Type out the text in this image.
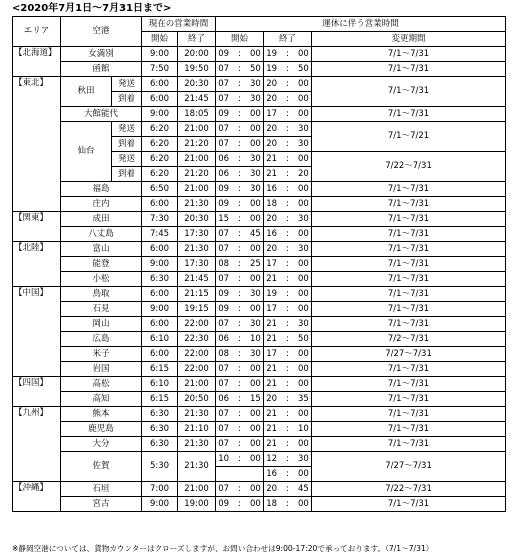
<2020年7月1日～7月31日まで>
エリア	空港		現在の営業時間		運休に伴う営業時間			
			開始	終了	開始	終了	変更期間	
【北海道】	女満別		9:00	20:00	09 : 00	19 : 00	7/1～7/31	
	函館		7:50	19:50	07 : 50	19 : 50	7/1～7/31	
【東北】	秋田	発送	6:00	20:30	07 : 30	20 : 00	7/1～7/31	
		到着	6:00	21:45	07 : 30	20 : 00		
	大館能代		9:00	18:05	09 : 00	17 : 00	7/1～7/31	
	仙台	発送	6:20	21:00	07 : 00	20 : 30	7/1～7/21	
		到着	6:20	21:20	07 : 00	20 : 30		
		発送	6:20	21:00	06 : 30	21 : 00	7/22～7/31	
		到着	6:20	21:20	06 : 30	21 : 20		
	福島		6:50	21:00	09 : 30	16 : 00	7/1～7/31	
	庄内		6:00	21:30	09 : 00	18 : 00	7/1～7/31	
【関東】	成田		7:30	20:30	15 : 00	20 : 30	7/1～7/31	
	八丈島		7:45	17:30	07 : 45	16 : 00	7/1～7/31	
【北陸】	富山		6:00	21:30	07 : 00	20 : 30	7/1～7/31	
	能登		9:00	17:30	08 : 25	17 : 00	7/1～7/31	
	小松		6:30	21:45	07 : 00	21 : 00	7/1～7/31	
【中国】	鳥取		6:00	21:15	09 : 30	19 : 00	7/1～7/31	
	石見		9:00	19:15	09 : 00	17 : 00	7/1～7/31	
	岡山		6:00	22:00	07 : 30	21 : 30	7/1～7/31	
	広島		6:10	22:30	06 : 10	21 : 50	7/2～7/31	
	米子		6:00	22:00	08 : 30	17 : 00	7/27～7/31	
	岩国		6:15	22:00	07 : 00	21 : 00	7/1～7/31	
【四国】	高松		6:10	21:00	07 : 00	21 : 00	7/1～7/31	
	高知		6:15	20:50	06 : 15	20 : 35	7/1～7/31	
【九州】	熊本		6:30	21:30	07 : 00	21 : 00	7/1～7/31	
	鹿児島		6:30	21:10	07 : 00	21 : 10	7/1～7/31	
	大分		6:30	21:30	07 : 00	21 : 00	7/1～7/31	
	佐賀		5:30	21:30	10 : 00	12 : 30	7/27～7/31	
						16 : 00	
【沖縄】	石垣		7:00	21:00	07 : 00	20 : 45	7/22～7/31	
	宮古		9:00	19:00	09 : 00	18 : 00	7/1～7/31	
※静岡空港については、貨物カウンターはクローズしますが、お問い合わせは9:00-17:20で承っております。（7/1～7/31）
